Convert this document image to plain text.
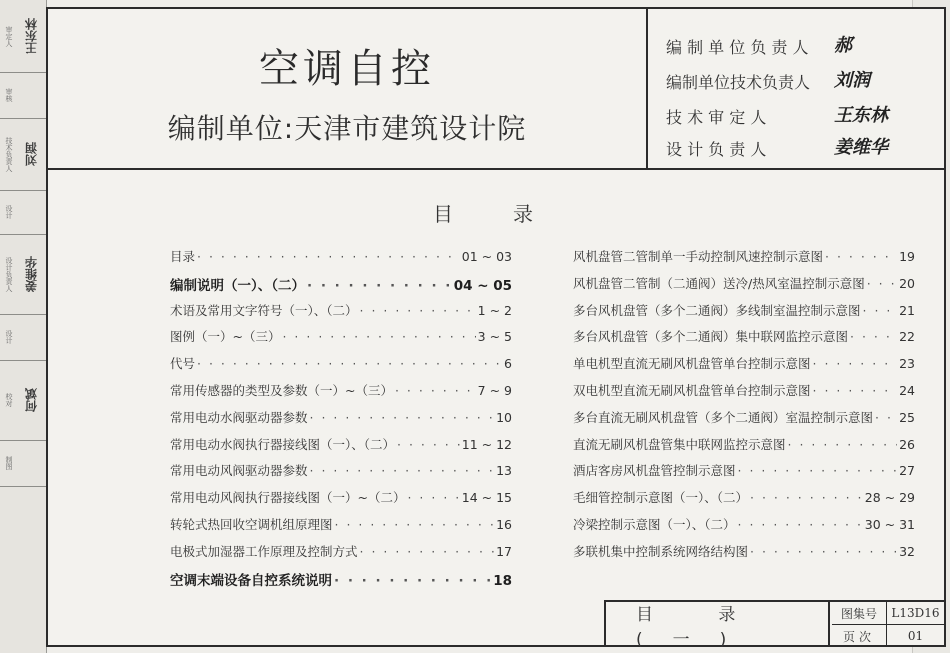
审定人 王东林
审核
技术负责人 刘润
设计
设计负责人 姜维华
设计
校对 何斌
制图
空调自控
编制单位:天津市建筑设计院
编 制 单 位 负 责 人 郝
编制单位技术负责人 刘润
技 术 审 定 人	王东林
设 计 负 责 人	姜维华
目录
目录 · · ·	01 ~ 03
编制说明（一）、（二） · · ·	04 ~ 05
术语及常用文字符号（一）、（二） · · ·	1 ~ 2
图例（一）~（三） · · ·	3 ~ 5
代号 · · ·	6
常用传感器的类型及参数（一）~（三） · · ·	7 ~ 9
常用电动水阀驱动器参数 · · ·	10
常用电动水阀执行器接线图（一）、（二） · · ·	11 ~ 12
常用电动风阀驱动器参数 · · ·	13
常用电动风阀执行器接线图（一）~（二） · · ·	14 ~ 15
转轮式热回收空调机组原理图 · · ·	16
电极式加湿器工作原理及控制方式 · · ·	17
空调末端设备自控系统说明 · · ·	18
风机盘管二管制单一手动控制风速控制示意图 · · ·	19
风机盘管二管制（二通阀）送冷/热风室温控制示意图 · · ·	20
多台风机盘管（多个二通阀）多线制室温控制示意图 · · ·	21
多台风机盘管（多个二通阀）集中联网监控示意图 · · ·	22
单电机型直流无刷风机盘管单台控制示意图 · · ·	23
双电机型直流无刷风机盘管单台控制示意图 · · ·	24
多台直流无刷风机盘管（多个二通阀）室温控制示意图 · · · 25
直流无刷风机盘管集中联网监控示意图 · · ·	26
酒店客房风机盘管控制示意图 · · ·	27
毛细管控制示意图（一）、（二） · · ·	28 ~ 29
冷梁控制示意图（一）、（二） · · ·	30 ~ 31
多联机集中控制系统网络结构图 · · ·	32
目 录 (一)
图集号	L13D16
页次	01
